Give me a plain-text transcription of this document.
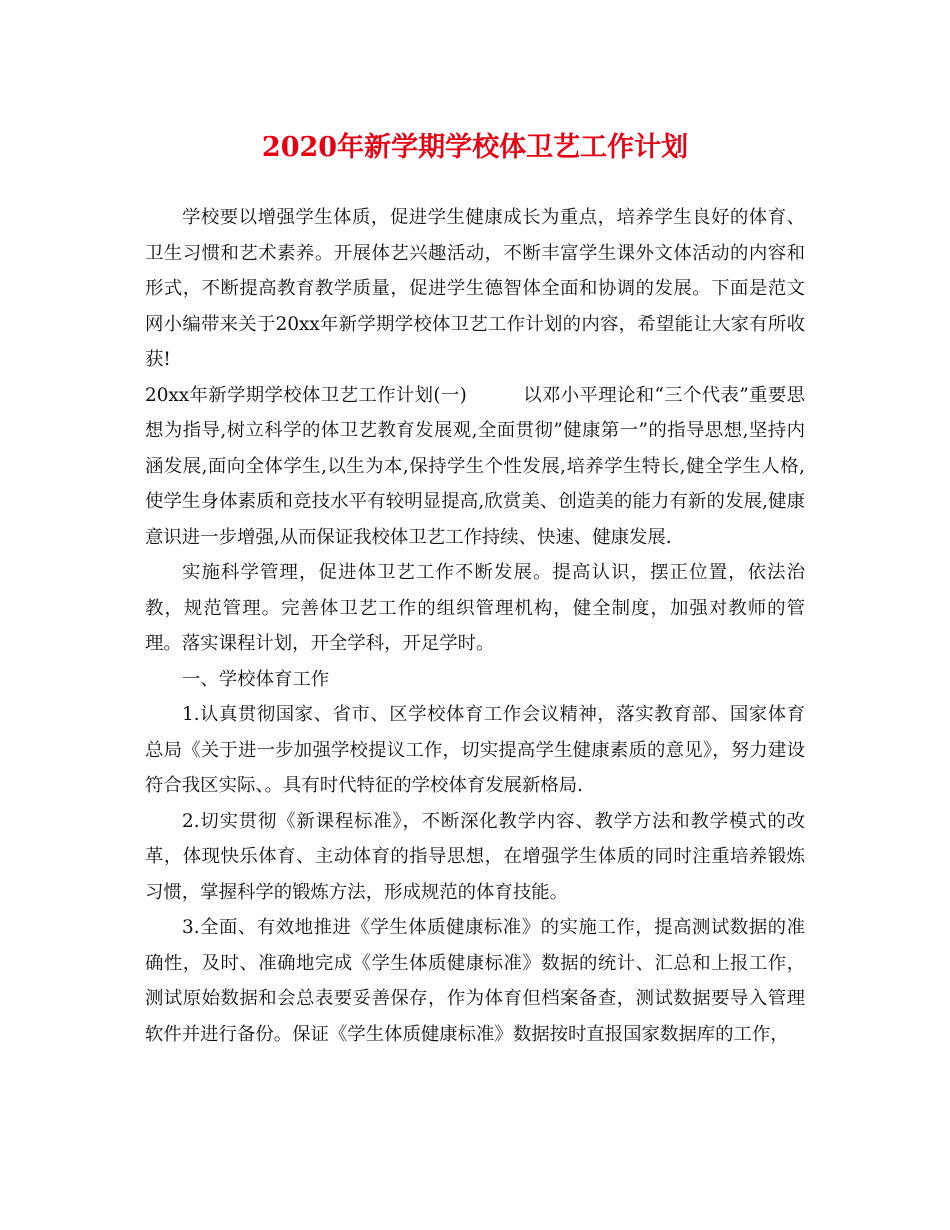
2020年新学期学校体卫艺工作计划

学校要以增强学生体质，促进学生健康成长为重点，培养学生良好的体育、卫生习惯和艺术素养。开展体艺兴趣活动，不断丰富学生课外文体活动的内容和形式，不断提高教育教学质量，促进学生德智体全面和协调的发展。下面是范文网小编带来关于20xx年新学期学校体卫艺工作计划的内容，希望能让大家有所收获!

20xx年新学期学校体卫艺工作计划(一)	以邓小平理论和“三个代表”重要思想为指导,树立科学的体卫艺教育发展观,全面贯彻”健康第一”的指导思想,坚持内涵发展,面向全体学生,以生为本,保持学生个性发展,培养学生特长,健全学生人格,使学生身体素质和竞技水平有较明显提高,欣赏美、创造美的能力有新的发展,健康意识进一步增强,从而保证我校体卫艺工作持续、快速、健康发展.

实施科学管理，促进体卫艺工作不断发展。提高认识，摆正位置，依法治教，规范管理。完善体卫艺工作的组织管理机构，健全制度，加强对教师的管理。落实课程计划，开全学科，开足学时。

一、学校体育工作

1.认真贯彻国家、省市、区学校体育工作会议精神，落实教育部、国家体育总局《关于进一步加强学校提议工作，切实提高学生健康素质的意见》，努力建设符合我区实际、。具有时代特征的学校体育发展新格局.

2.切实贯彻《新课程标准》，不断深化教学内容、教学方法和教学模式的改革，体现快乐体育、主动体育的指导思想，在增强学生体质的同时注重培养锻炼习惯，掌握科学的锻炼方法，形成规范的体育技能。

3.全面、有效地推进《学生体质健康标准》的实施工作，提高测试数据的准确性，及时、准确地完成《学生体质健康标准》数据的统计、汇总和上报工作，测试原始数据和会总表要妥善保存，作为体育但档案备查，测试数据要导入管理软件并进行备份。保证《学生体质健康标准》数据按时直报国家数据库的工作，
